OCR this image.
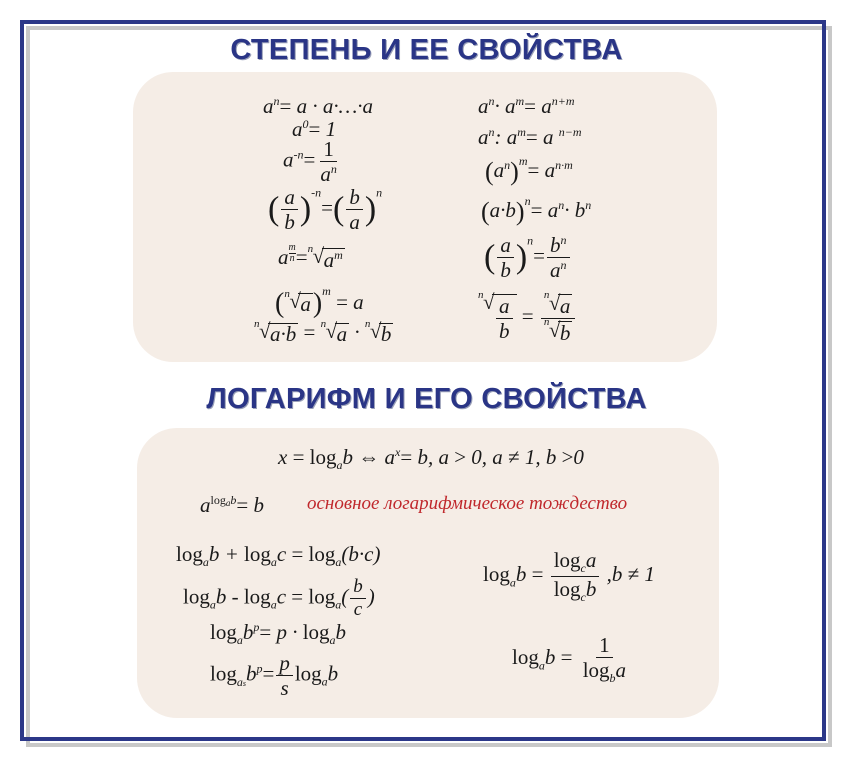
СТЕПЕНЬ И ЕЕ СВОЙСТВА
$a^n= a$ · a·…·a
$a^0= 1$
$a^{-n}= \frac{1}{a^n}$
( $\frac{a}{b} )^{-n}=( \frac{b}{a} )^n$
a $^{\frac{m}{n}}$ = n √ $a^m$
( n √ a)$^m$ = a
n √ a·b = n √ a · n √ b
$a^n\cdot a^m= a^{n+m}$
$a^n$: $a^m= a$ $^{n-m}$
$(a^n)^m= a^{n\cdot m}$
$(a\cdot b)^n= a^n\cdot b^n$
( $\frac{a}{b} )^n= \frac{b^n}{a^n}$
n √ $\frac{a}{b} = \frac{n √ a}{n √ b}$
ЛОГАРИФМ И ЕГО СВОЙСТВА
$x = \log_ab$ ⇔ $a^x= b$, a > 0, a ≠ 1, b >0
$a^{logab}= b$ основное логарифмическое тождество
$\log_ab + \log_ac = \log_a(b\cdot c)$
$\log_ab - \log_ac = \log_a( \frac{b}{c}$ )
$\log_ab^p= p \cdot \log_ab$
$\log_{as}b^p= \frac{p}{s} \log_ab$
$\log_ab = \frac{\log_ca}{\log_cb} ,b \ne 1$
$\log_ab = \frac{1}{\log_ba}$
